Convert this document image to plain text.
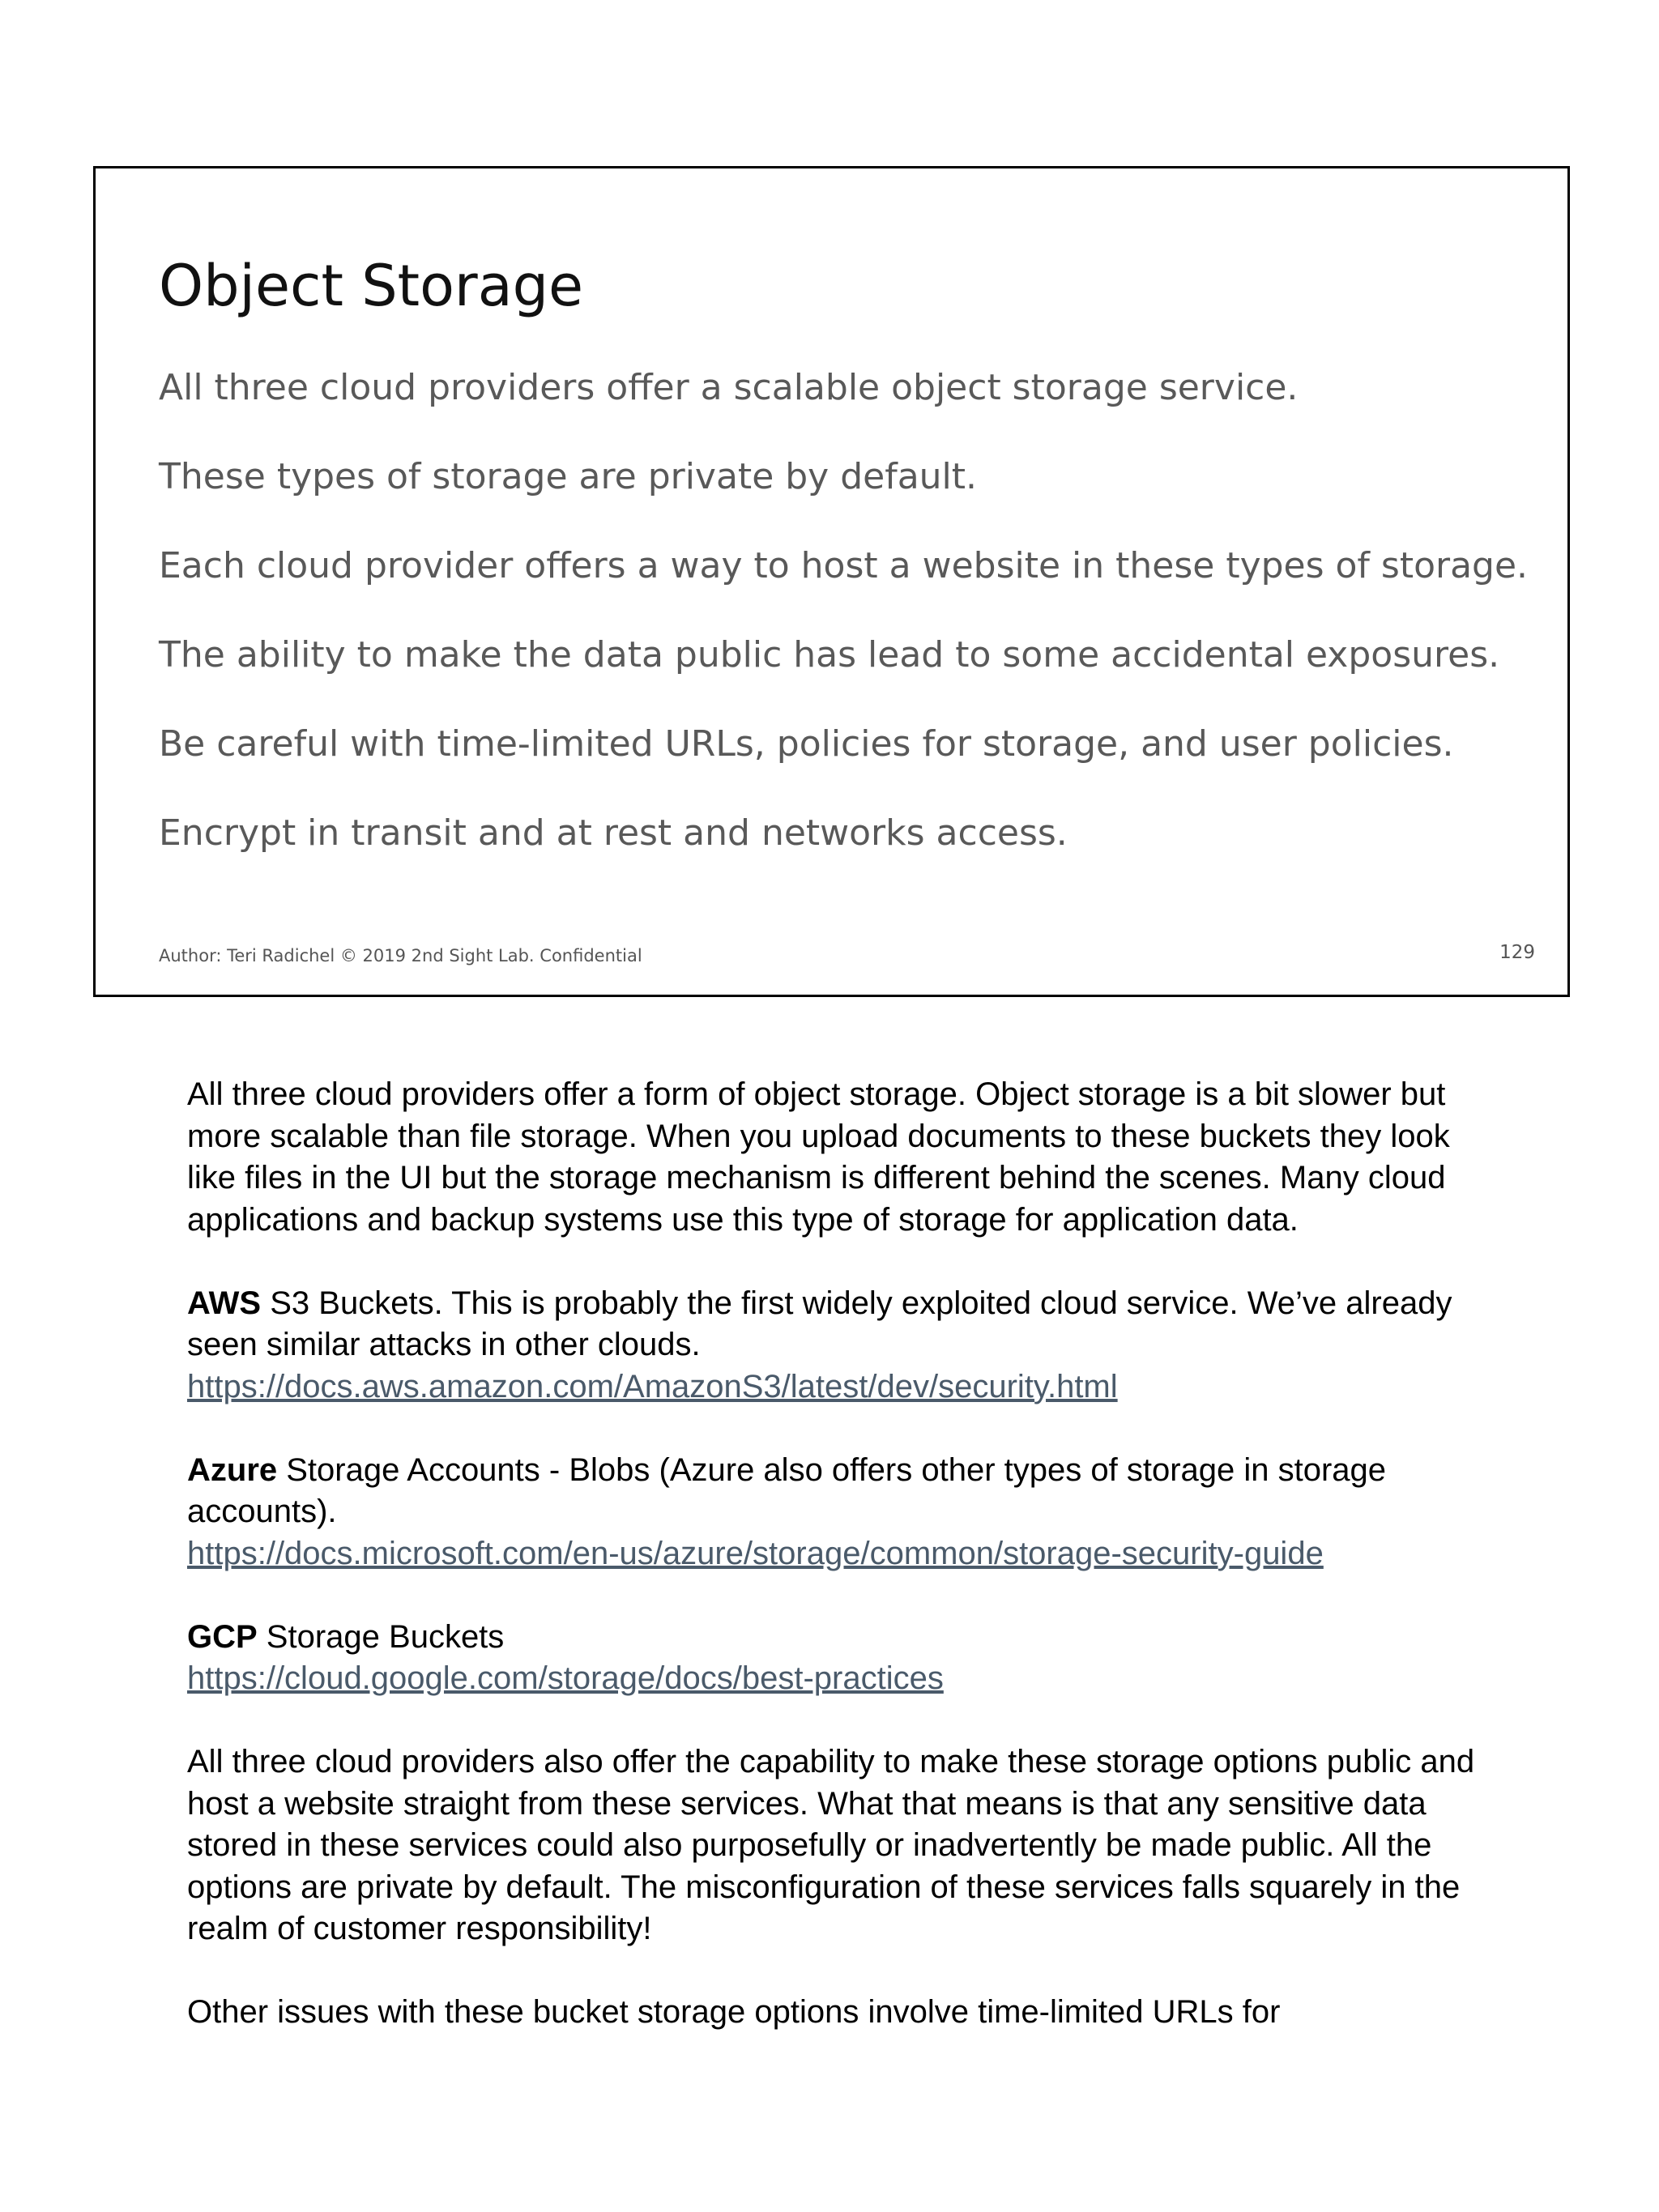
Object Storage
All three cloud providers offer a scalable object storage service.
These types of storage are private by default.
Each cloud provider offers a way to host a website in these types of storage.
The ability to make the data public has lead to some accidental exposures.
Be careful with time-limited URLs, policies for storage, and user policies.
Encrypt in transit and at rest and networks access.
Author: Teri Radichel © 2019 2nd Sight Lab. Confidential	129

All three cloud providers offer a form of object storage. Object storage is a bit slower but more scalable than file storage. When you upload documents to these buckets they look like files in the UI but the storage mechanism is different behind the scenes. Many cloud applications and backup systems use this type of storage for application data.

AWS S3 Buckets. This is probably the first widely exploited cloud service. We’ve already seen similar attacks in other clouds.
https://docs.aws.amazon.com/AmazonS3/latest/dev/security.html

Azure Storage Accounts - Blobs (Azure also offers other types of storage in storage accounts).
https://docs.microsoft.com/en-us/azure/storage/common/storage-security-guide

GCP Storage Buckets
https://cloud.google.com/storage/docs/best-practices

All three cloud providers also offer the capability to make these storage options public and host a website straight from these services. What that means is that any sensitive data stored in these services could also purposefully or inadvertently be made public. All the options are private by default. The misconfiguration of these services falls squarely in the realm of customer responsibility!

Other issues with these bucket storage options involve time-limited URLs for
